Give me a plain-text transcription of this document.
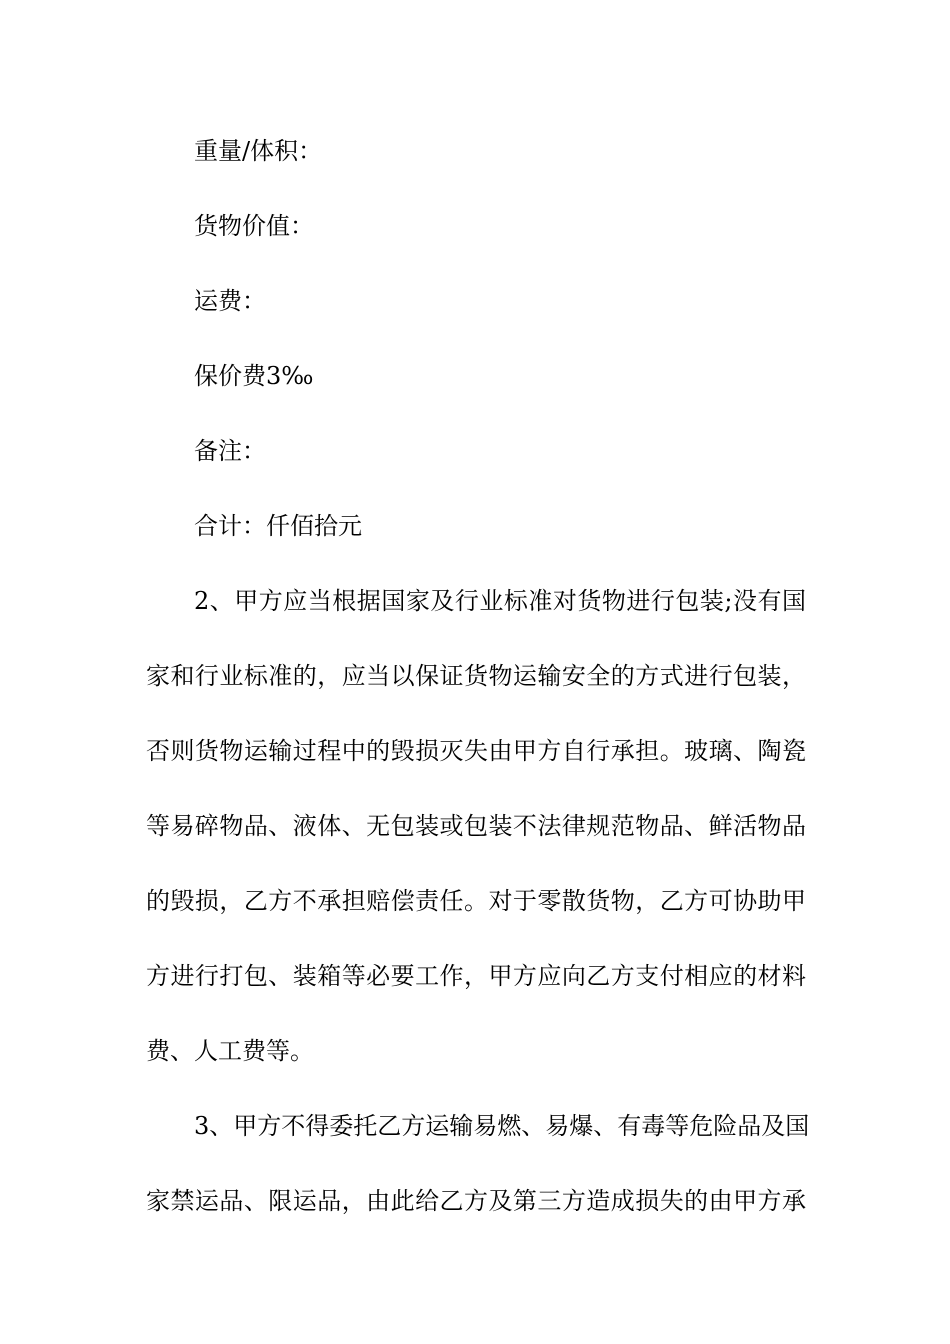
重量/体积：
货物价值：
运费：
保价费3‰
备注：
合计：仟佰拾元
2、甲方应当根据国家及行业标准对货物进行包装;没有国
家和行业标准的，应当以保证货物运输安全的方式进行包装，
否则货物运输过程中的毁损灭失由甲方自行承担。玻璃、陶瓷
等易碎物品、液体、无包装或包装不法律规范物品、鲜活物品
的毁损，乙方不承担赔偿责任。对于零散货物，乙方可协助甲
方进行打包、装箱等必要工作，甲方应向乙方支付相应的材料
费、人工费等。
3、甲方不得委托乙方运输易燃、易爆、有毒等危险品及国
家禁运品、限运品，由此给乙方及第三方造成损失的由甲方承
